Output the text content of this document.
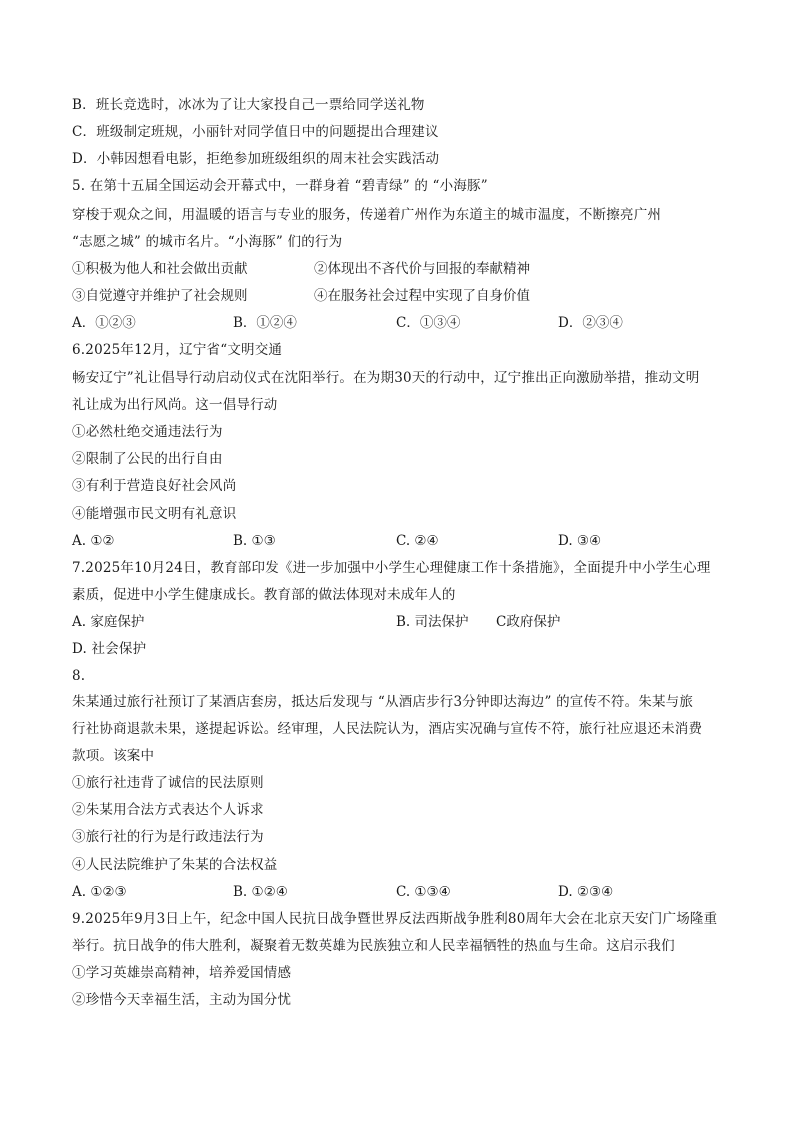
B．班长竞选时，冰冰为了让大家投自己一票给同学送礼物
C．班级制定班规，小丽针对同学值日中的问题提出合理建议
D．小韩因想看电影，拒绝参加班级组织的周末社会实践活动
5. 在第十五届全国运动会开幕式中，一群身着 “碧青绿” 的 “小海豚”
穿梭于观众之间，用温暖的语言与专业的服务，传递着广州作为东道主的城市温度，不断擦亮广州
“志愿之城” 的城市名片。“小海豚” 们的行为
①积极为他人和社会做出贡献	②体现出不吝代价与回报的奉献精神
③自觉遵守并维护了社会规则	④在服务社会过程中实现了自身价值
A．①②③	B．①②④	C．①③④	D．②③④
6.2025年12月，辽宁省“文明交通
畅安辽宁”礼让倡导行动启动仪式在沈阳举行。在为期30天的行动中，辽宁推出正向激励举措，推动文明
礼让成为出行风尚。这一倡导行动
①必然杜绝交通违法行为
②限制了公民的出行自由
③有利于营造良好社会风尚
④能增强市民文明有礼意识
A. ①②	B. ①③	C. ②④	D. ③④
7.2025年10月24日，教育部印发《进一步加强中小学生心理健康工作十条措施》，全面提升中小学生心理
素质，促进中小学生健康成长。教育部的做法体现对未成年人的
A. 家庭保护	B. 司法保护 C政府保护
D. 社会保护
8.
朱某通过旅行社预订了某酒店套房，抵达后发现与 “从酒店步行3分钟即达海边” 的宣传不符。朱某与旅
行社协商退款未果，遂提起诉讼。经审理，人民法院认为，酒店实况确与宣传不符，旅行社应退还未消费
款项。该案中
①旅行社违背了诚信的民法原则
②朱某用合法方式表达个人诉求
③旅行社的行为是行政违法行为
④人民法院维护了朱某的合法权益
A. ①②③	B. ①②④	C. ①③④	D. ②③④
9.2025年9月3日上午，纪念中国人民抗日战争暨世界反法西斯战争胜利80周年大会在北京天安门广场隆重
举行。抗日战争的伟大胜利，凝聚着无数英雄为民族独立和人民幸福牺牲的热血与生命。这启示我们
①学习英雄崇高精神，培养爱国情感
②珍惜今天幸福生活，主动为国分忧
